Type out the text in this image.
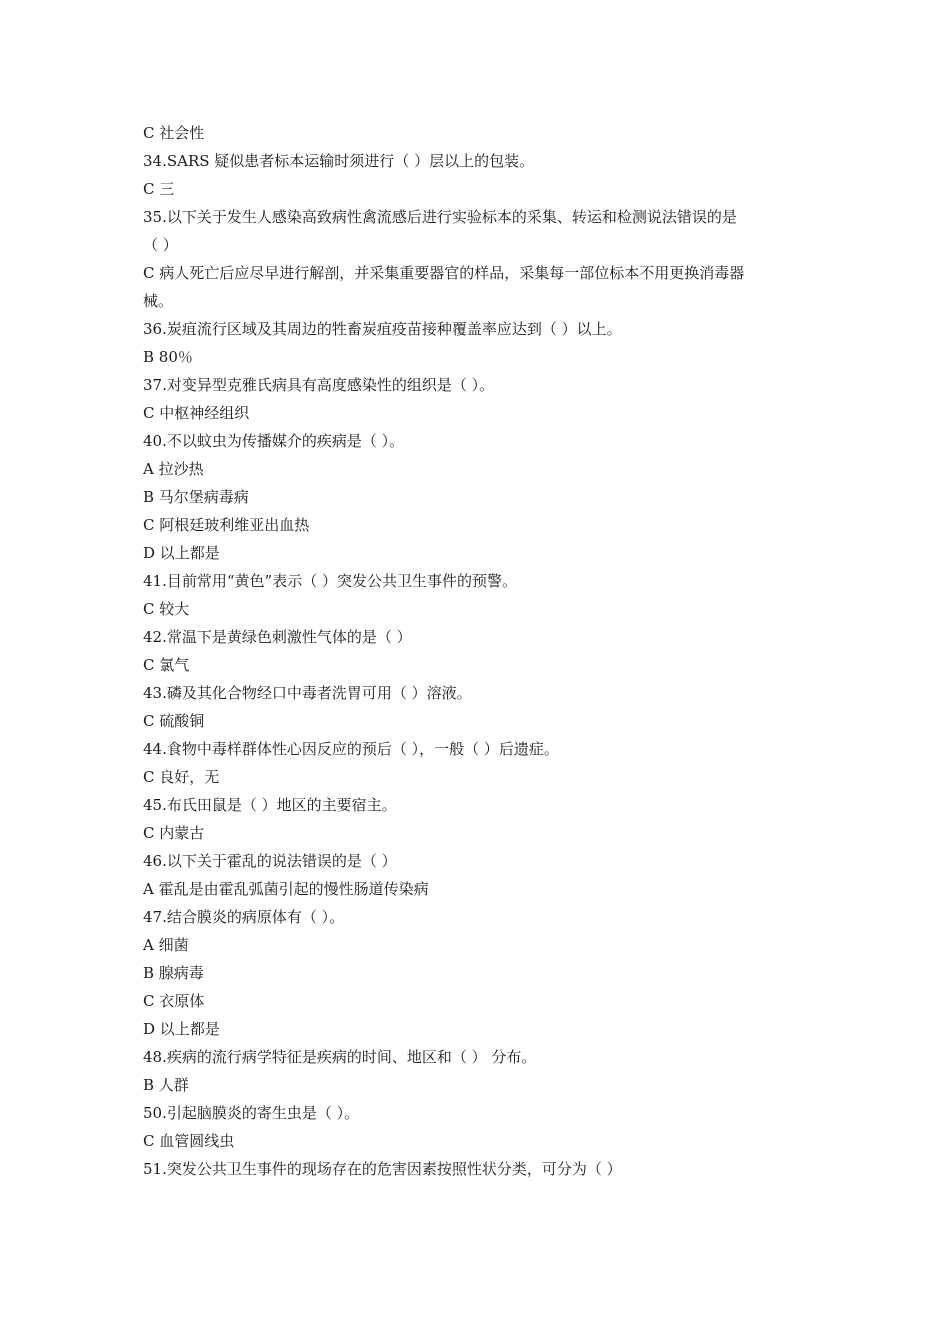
C 社会性
34.SARS 疑似患者标本运输时须进行（ ）层以上的包装。
C 三
35.以下关于发生人感染高致病性禽流感后进行实验标本的采集、转运和检测说法错误的是
（ ）
C 病人死亡后应尽早进行解剖，并采集重要器官的样品，采集每一部位标本不用更换消毒器
械。
36.炭疽流行区域及其周边的牲畜炭疽疫苗接种覆盖率应达到（ ）以上。
B 80％
37.对变异型克雅氏病具有高度感染性的组织是（ ）。
C 中枢神经组织
40.不以蚊虫为传播媒介的疾病是（ ）。
A 拉沙热
B 马尔堡病毒病
C 阿根廷玻利维亚出血热
D 以上都是
41.目前常用“黄色”表示（ ）突发公共卫生事件的预警。
C 较大
42.常温下是黄绿色刺激性气体的是（ ）
C 氯气
43.磷及其化合物经口中毒者洗胃可用（ ）溶液。
C 硫酸铜
44.食物中毒样群体性心因反应的预后（ ），一般（ ）后遗症。
C 良好，无
45.布氏田鼠是（ ）地区的主要宿主。
C 内蒙古
46.以下关于霍乱的说法错误的是（ ）
A 霍乱是由霍乱弧菌引起的慢性肠道传染病
47.结合膜炎的病原体有（ ）。
A 细菌
B 腺病毒
C 衣原体
D 以上都是
48.疾病的流行病学特征是疾病的时间、地区和（ ） 分布。
B 人群
50.引起脑膜炎的寄生虫是（ ）。
C 血管圆线虫
51.突发公共卫生事件的现场存在的危害因素按照性状分类，可分为（ ）
